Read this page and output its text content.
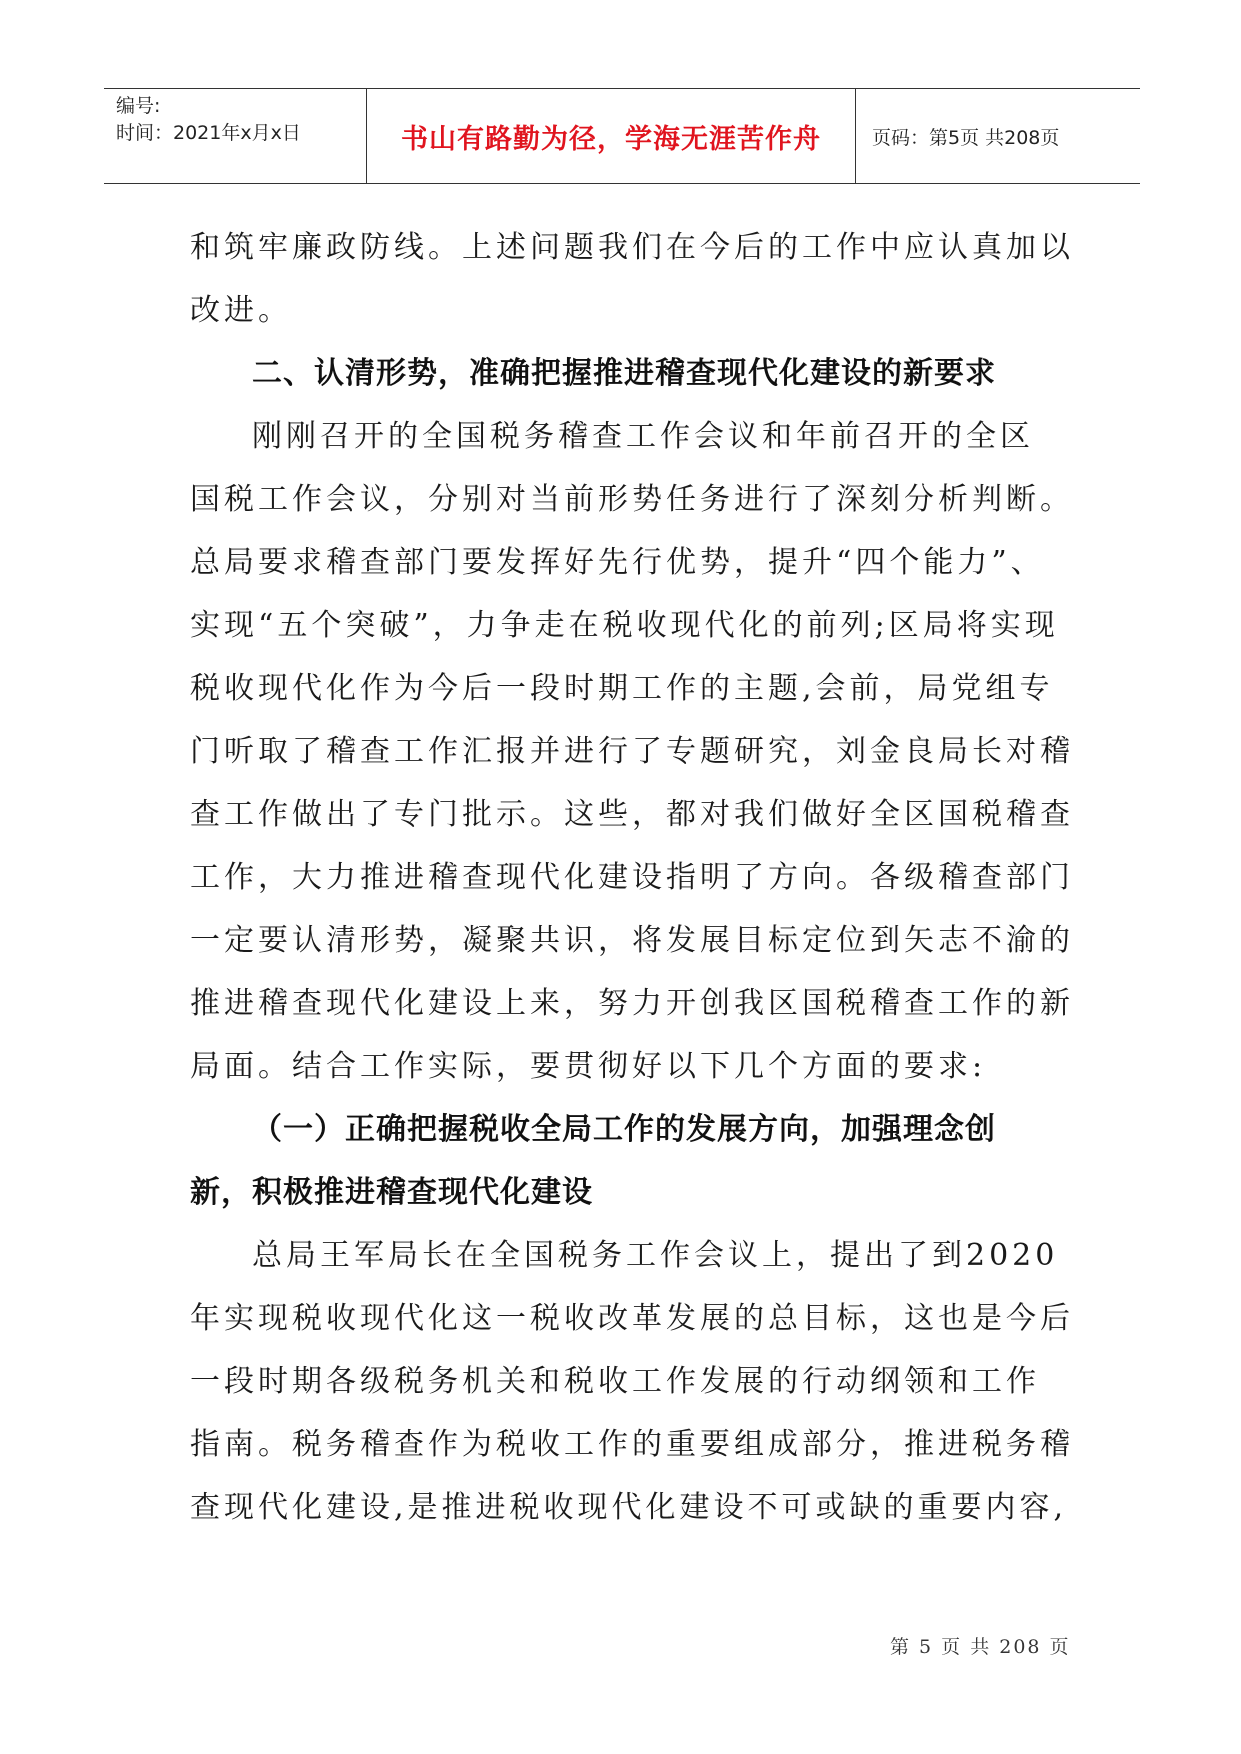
编号:
时间：2021年x月x日	书山有路勤为径，学海无涯苦作舟	页码：第5页 共208页
和筑牢廉政防线。上述问题我们在今后的工作中应认真加以
改进。
二、认清形势，准确把握推进稽查现代化建设的新要求
刚刚召开的全国税务稽查工作会议和年前召开的全区
国税工作会议，分别对当前形势任务进行了深刻分析判断。
总局要求稽查部门要发挥好先行优势，提升“四个能力”、
实现“五个突破”，力争走在税收现代化的前列;区局将实现
税收现代化作为今后一段时期工作的主题,会前，局党组专
门听取了稽查工作汇报并进行了专题研究，刘金良局长对稽
查工作做出了专门批示。这些，都对我们做好全区国税稽查
工作，大力推进稽查现代化建设指明了方向。各级稽查部门
一定要认清形势，凝聚共识，将发展目标定位到矢志不渝的
推进稽查现代化建设上来，努力开创我区国税稽查工作的新
局面。结合工作实际，要贯彻好以下几个方面的要求:
（一）正确把握税收全局工作的发展方向，加强理念创
新，积极推进稽查现代化建设
总局王军局长在全国税务工作会议上，提出了到2020
年实现税收现代化这一税收改革发展的总目标，这也是今后
一段时期各级税务机关和税收工作发展的行动纲领和工作
指南。税务稽查作为税收工作的重要组成部分，推进税务稽
查现代化建设,是推进税收现代化建设不可或缺的重要内容,
第 5 页 共 208 页
